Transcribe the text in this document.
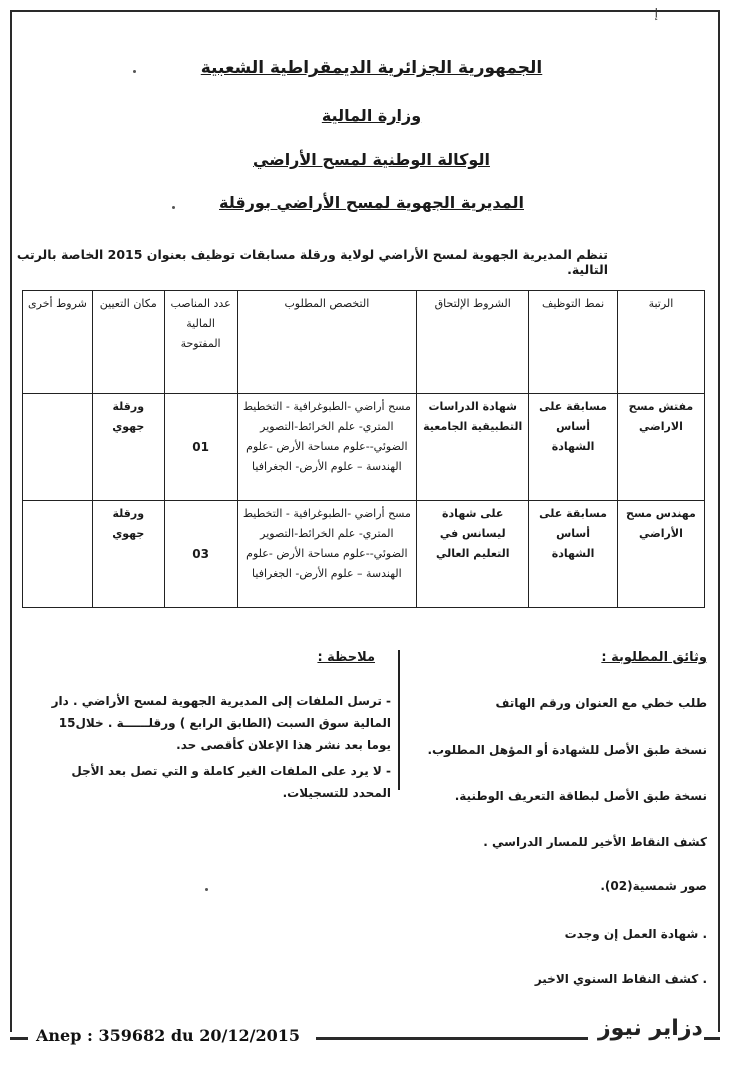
إ
الجمهورية الجزائرية الديمقراطية الشعبية
وزارة المالية
الوكالة الوطنية لمسح الأراضي
المديرية الجهوية لمسح الأراضي بورقلة
تنظم المديرية الجهوية لمسح الأراضي لولاية ورقلة مسابقات توظيف بعنوان 2015 الخاصة بالرتب التالية.
الرتبة	نمط التوظيف	الشروط الإلتحاق	التخصص المطلوب	عدد المناصب المالية المفتوحة	مكان التعيين	شروط أخرى
مفتش مسح الاراضي	مسابقة على أساس الشهادة	شهادة الدراسات التطبيقية الجامعية	مسح أراضي -الطبوغرافية - التخطيط المتري- علم الخرائط-التصوير الضوئي--علوم مساحة الأرض -علوم الهندسة – علوم الأرض- الجغرافيا	01	ورقلة جهوي	
مهندس مسح الأراضي	مسابقة على أساس الشهادة	على شهادة ليسانس في التعليم العالي	مسح أراضي -الطبوغرافية - التخطيط المتري- علم الخرائط-التصوير الضوئي--علوم مساحة الأرض -علوم الهندسة – علوم الأرض- الجغرافيا	03	ورقلة جهوي	
وثائق المطلوبة :
طلب خطي مع العنوان ورقم الهاتف
نسخة طبق الأصل للشهادة أو المؤهل المطلوب.
نسخة طبق الأصل لبطاقة التعريف الوطنية.
كشف النقاط الأخير للمسار الدراسي .
صور شمسية(02).
. شهادة العمل إن وجدت
. كشف النقاط السنوي الاخير
ملاحظة :
- ترسل الملفات إلى المديرية الجهوية لمسح الأراضي . دار المالية سوق السبت (الطابق الرابع ) ورقلــــــة . خلال15 يوما بعد نشر هذا الإعلان كأقصى حد.
- لا يرد على الملفات الغير كاملة و التي تصل بعد الأجل المحدد للتسجيلات.
Anep : 359682 du 20/12/2015	دزاير نيوز
